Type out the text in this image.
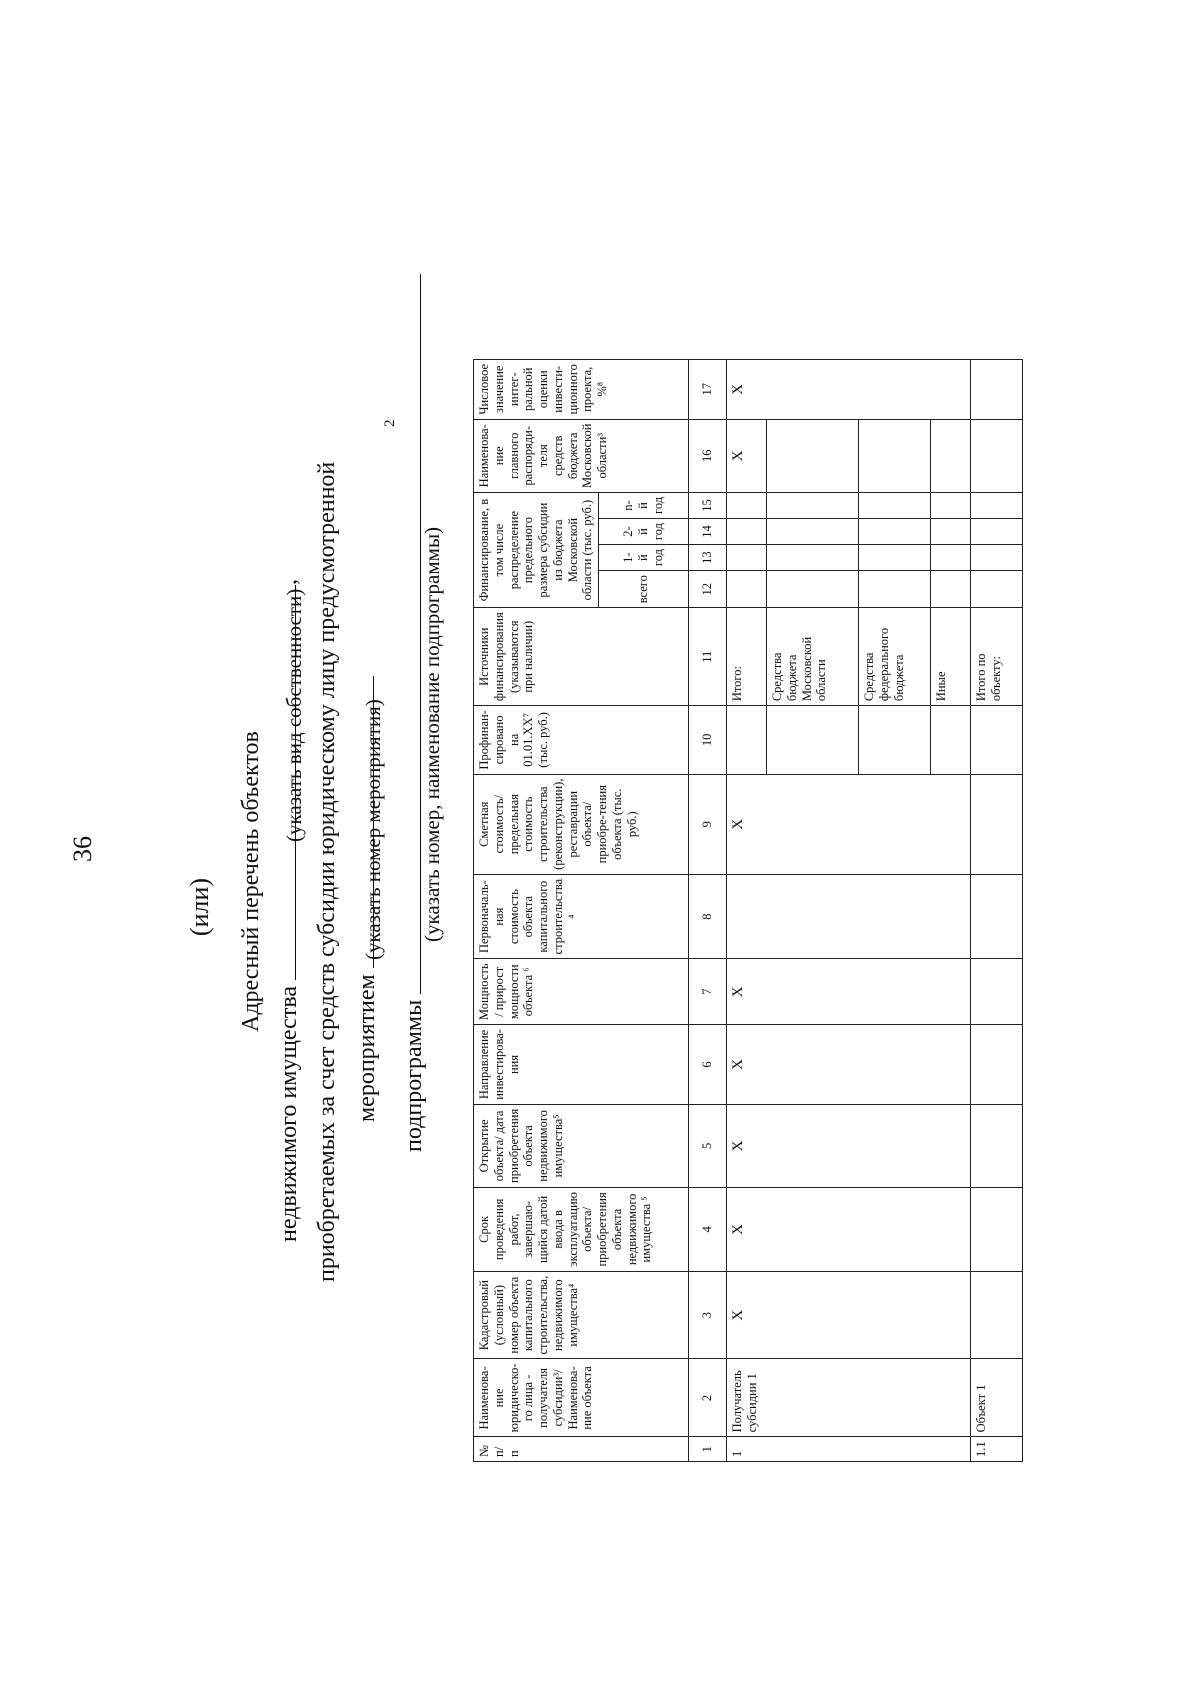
36
(или) Адресный перечень объектов
недвижимого имущества ,
(указать вид собственности) приобретаемых за счет средств субсидии юридическому лицу предусмотренной мероприятием
(указать номер мероприятия)
подпрограммы
2
(указать номер, наименование подпрограммы)
№ п/п	Наименова-ние юридическо-го лица - получателя субсидии³/ Наименова-ние объекта	Кадастровый (условный) номер объекта капитального строительства, недвижимого имущества⁴	Срок проведения работ, завершаю-щийся датой ввода в эксплуатацию объекта/ приобретения объекта недвижимого имущества ⁵	Открытие объекта/ дата приобретения объекта недвижимого имущества⁵	Направление инвестирова-ния	Мощность / прирост мощности объекта ⁶	Первоначаль-ная стоимость объекта капитального строительства ⁴	Сметная стоимость/ предельная стоимость строительства (реконструкции), реставрации объекта/приобре-тения объекта (тыс. руб.)	Профинан-сировано на 01.01.XX⁷ (тыс. руб.)	Источники финансирования (указываются при наличии)	Финансирование, в том числе распределение предельного размера субсидии из бюджета Московской области (тыс. руб.)				Наименова-ние главного распоряди-теля средств бюджета Московской области³	Числовое значение интег-ральной оценки инвести-ционного проекта, %⁸
											всего	1-й год	2-й год	n-й год		
1	2	3	4	5	6	7	8	9	10	11	12	13	14	15	16	17
1	Получатель субсидии 1	X	X	X	X	X		X		Итого:					X	X
										Средства бюджета Московской области						
										Средства федерального бюджета						
										Иные						
1.1	Объект 1									Итого по объекту:						
